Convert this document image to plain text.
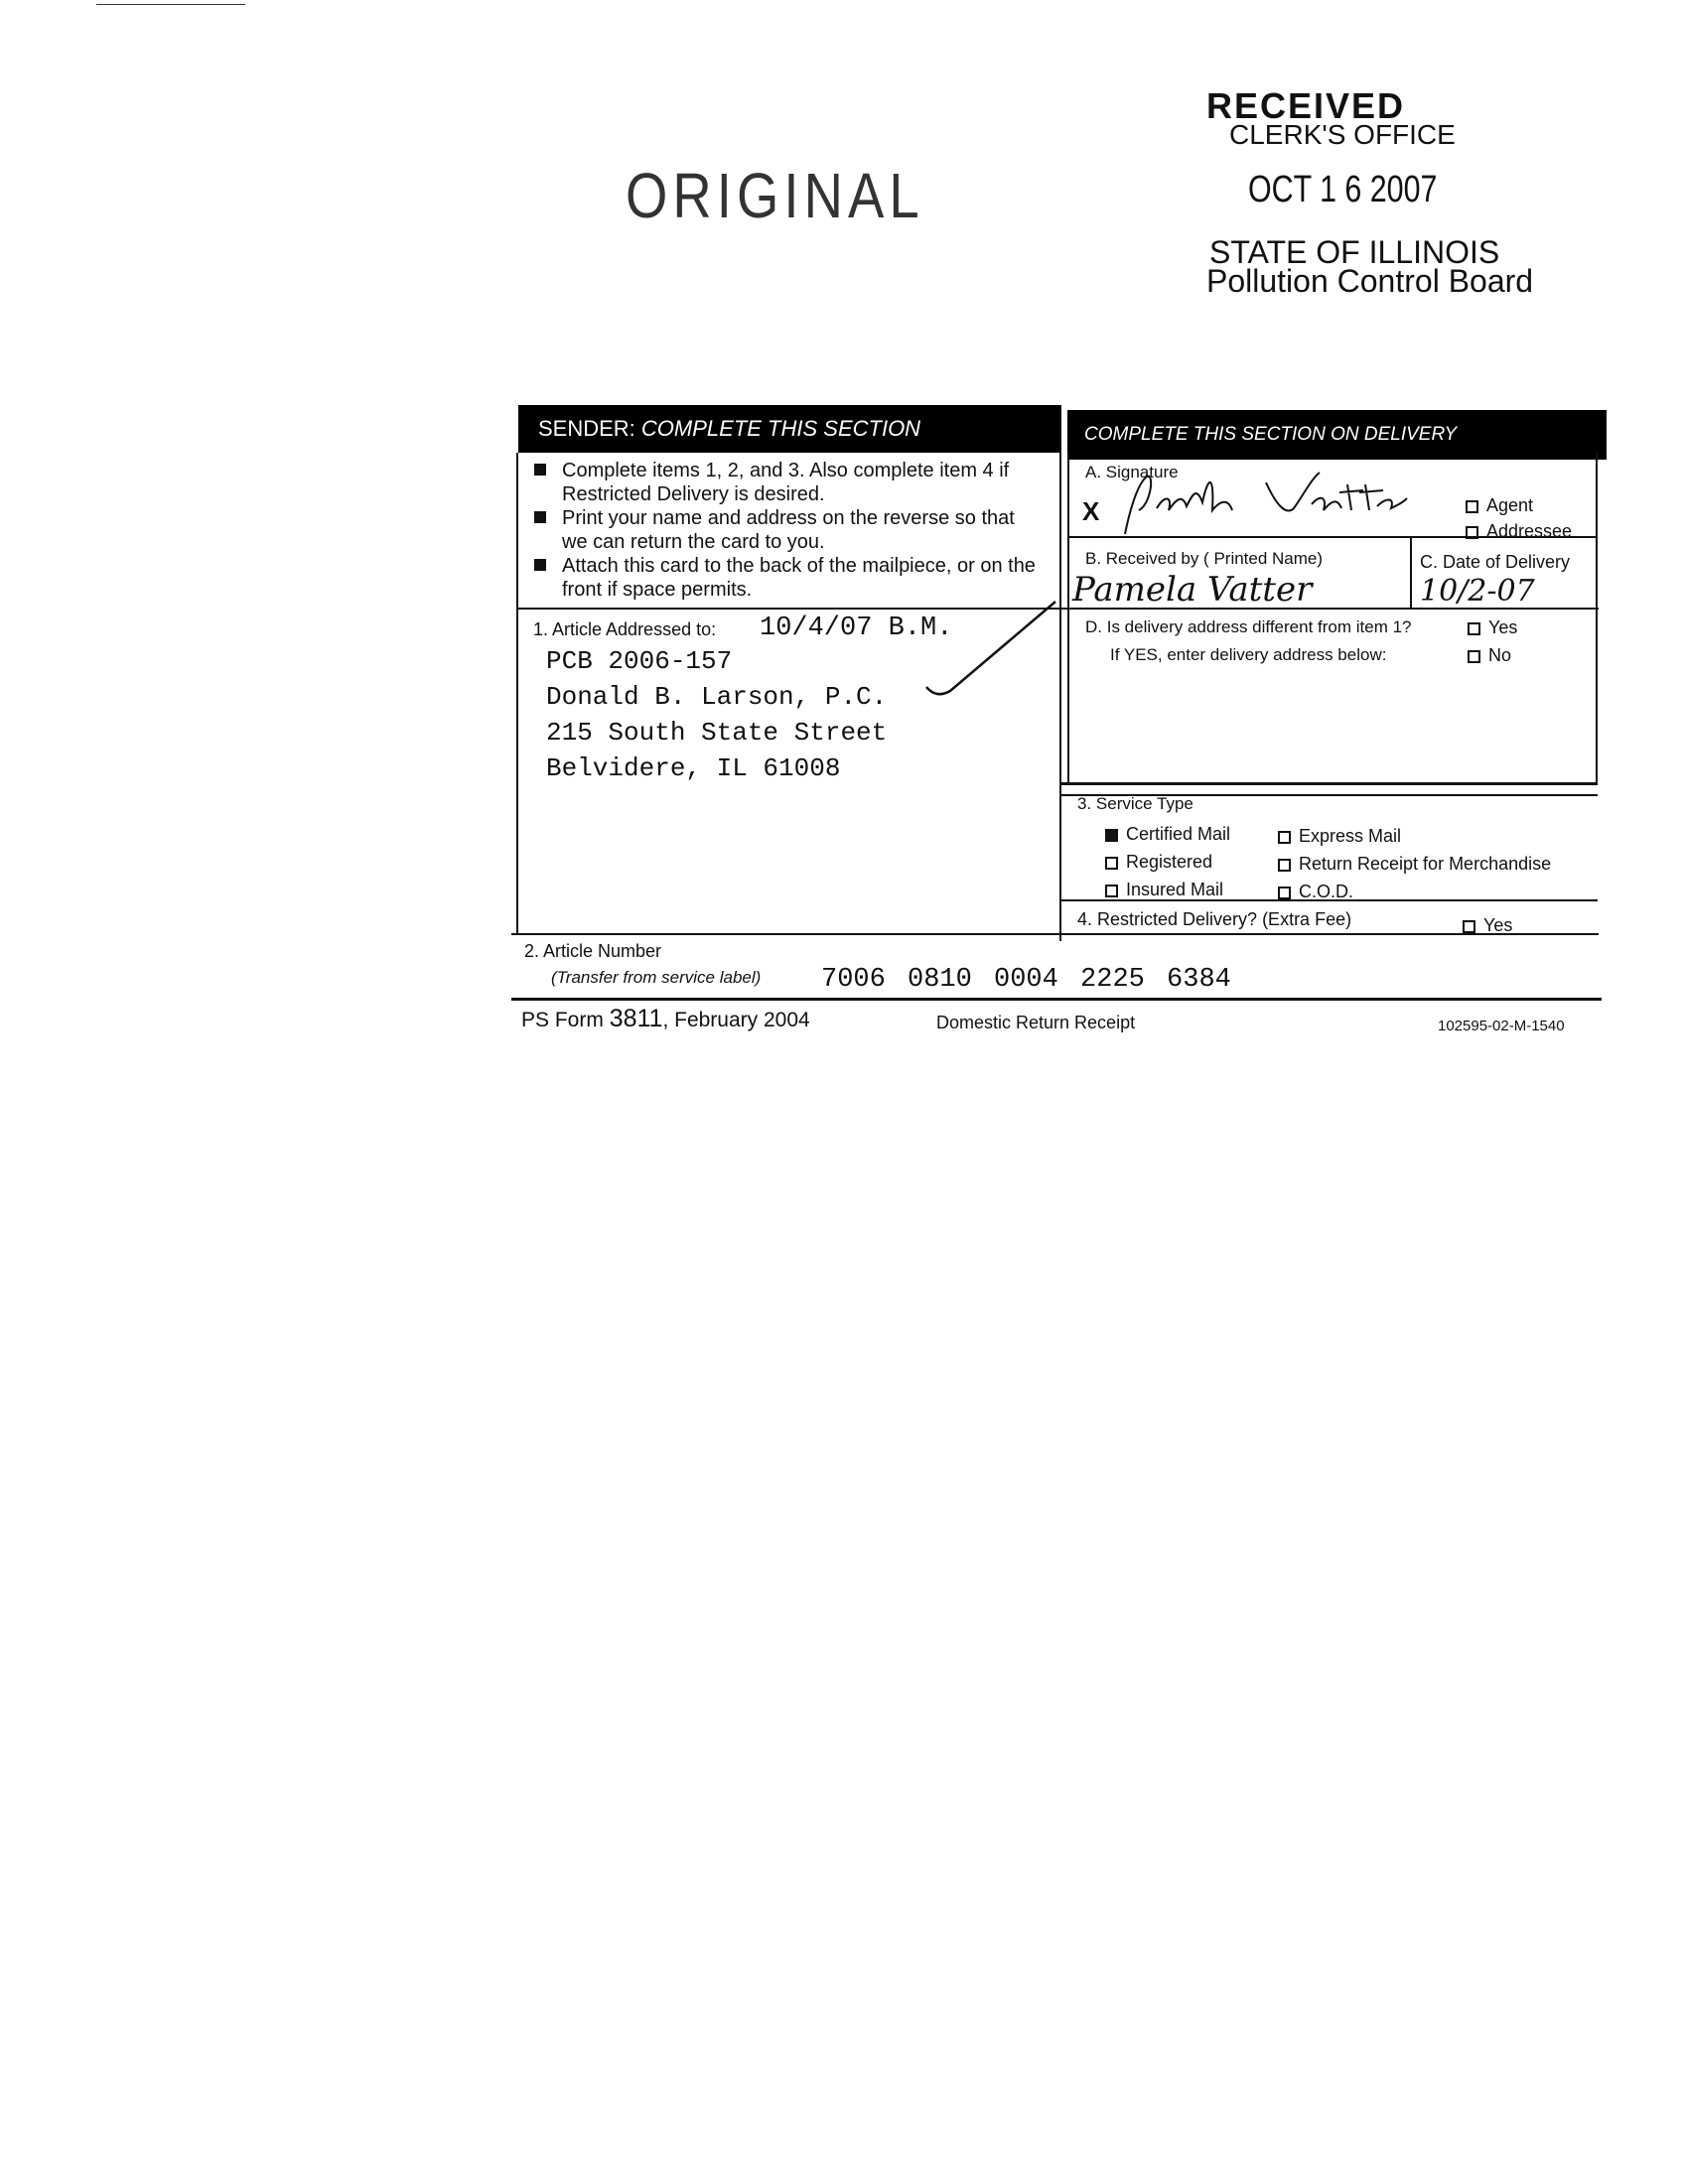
RECEIVED
CLERK'S OFFICE
OCT 1 6 2007
STATE OF ILLINOIS
Pollution Control Board
ORIGINAL
SENDER: COMPLETE THIS SECTION	COMPLETE THIS SECTION ON DELIVERY
Complete items 1, 2, and 3. Also complete item 4 if Restricted Delivery is desired.
Print your name and address on the reverse so that we can return the card to you.
Attach this card to the back of the mailpiece, or on the front if space permits.
1. Article Addressed to: 10/4/07 B.M.
PCB 2006-157
Donald B. Larson, P.C.
215 South State Street
Belvidere, IL 61008
A. Signature
X	Agent
Addressee
B. Received by ( Printed Name)
Pamela Vatter
C. Date of Delivery
10/2-07
D. Is delivery address different from item 1?
If YES, enter delivery address below:
Yes
No
3. Service Type
Certified Mail
Registered
Insured Mail
Express Mail
Return Receipt for Merchandise
C.O.D.
4. Restricted Delivery? (Extra Fee)	Yes
2. Article Number
(Transfer from service label) 7006 0810 0004 2225 6384
PS Form 3811, February 2004	Domestic Return Receipt	102595-02-M-1540
